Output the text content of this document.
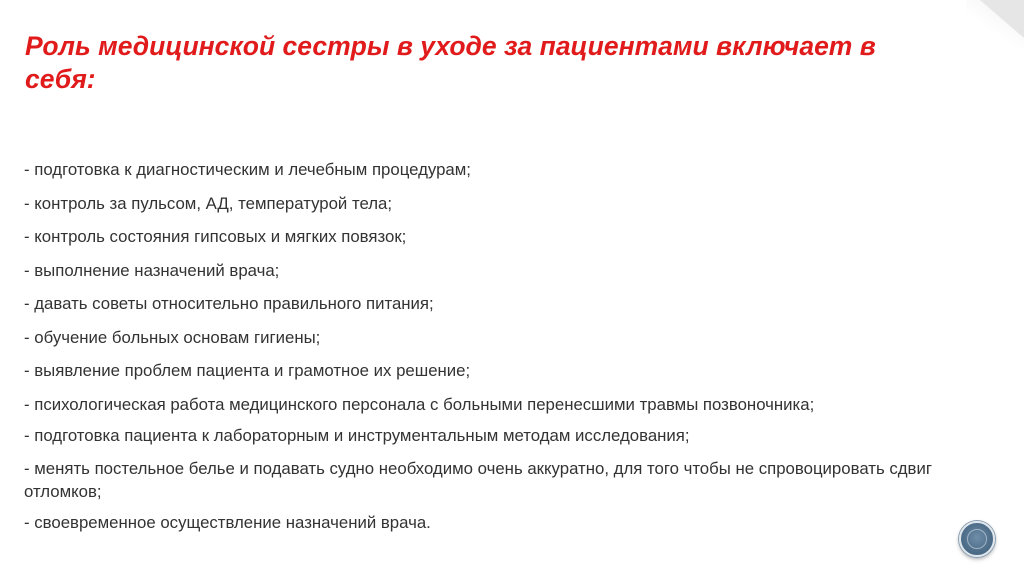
Роль медицинской сестры в уходе за пациентами включает в себя:
- подготовка к диагностическим и лечебным процедурам;
- контроль за пульсом, АД, температурой тела;
- контроль состояния гипсовых и мягких повязок;
- выполнение назначений врача;
- давать советы относительно правильного питания;
- обучение больных основам гигиены;
- выявление проблем пациента и грамотное их решение;
- психологическая работа медицинского персонала с больными перенесшими травмы позвоночника;
- подготовка пациента к лабораторным и инструментальным методам исследования;
- менять постельное белье и подавать судно необходимо очень аккуратно, для того чтобы не спровоцировать сдвиг отломков;
- своевременное осуществление назначений врача.
